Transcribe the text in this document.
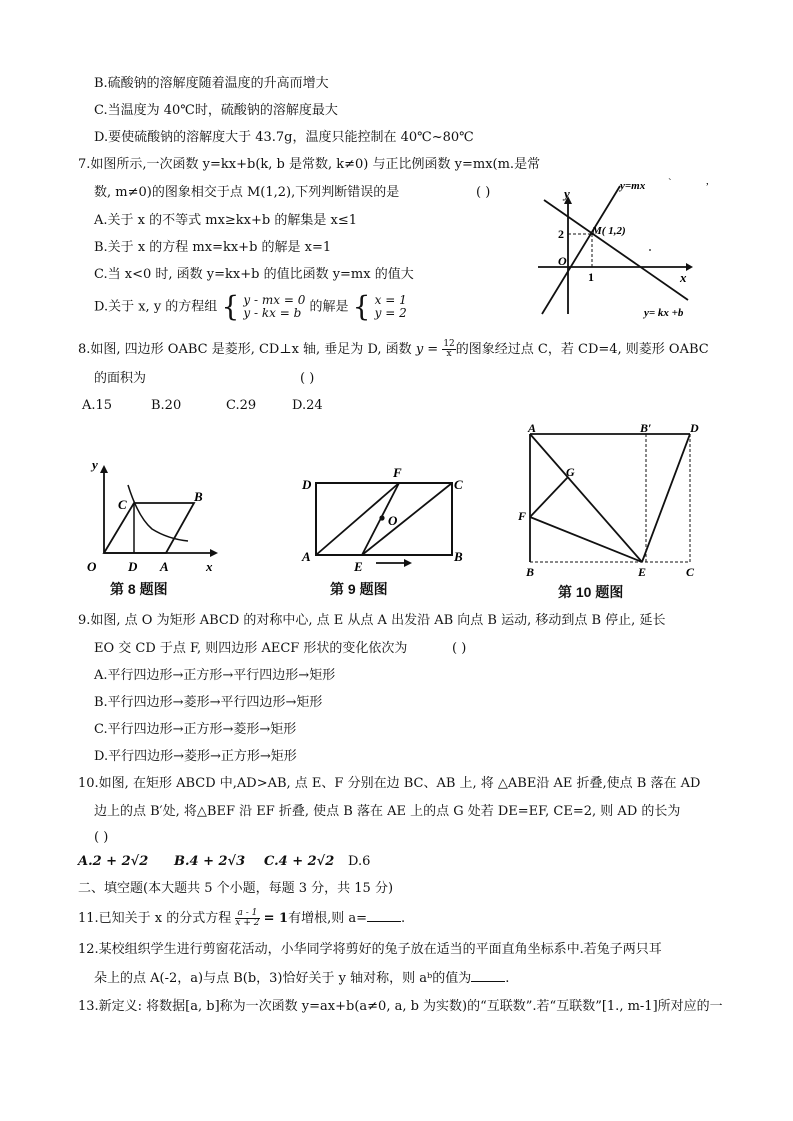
B.硫酸钠的溶解度随着温度的升高而增大
C.当温度为 40℃时，硫酸钠的溶解度最大
D.要使硫酸钠的溶解度大于 43.7g，温度只能控制在 40℃~80℃
7.如图所示,一次函数 y=kx+b(k, b 是常数, k≠0) 与正比例函数 y=mx(m.是常
数, m≠0)的图象相交于点 M(1,2),下列判断错误的是	( )
A.关于 x 的不等式 mx≥kx+b 的解集是 x≤1
B.关于 x 的方程 mx=kx+b 的解是 x=1
C.当 x<0 时, 函数 y=kx+b 的值比函数 y=mx 的值大
D.关于 x, y 的方程组 { y - mx = 0
y - kx = b 的解是 { x = 1
y = 2
y
x
O
y=mx
y= kx +b
M( 1,2)
2
1
`	,
8.如图, 四边形 OABC 是菱形, CD⊥x 轴, 垂足为 D, 函数 $y = \frac{12}{x}$ 的图象经过点 C，若 CD=4, 则菱形 OABC
的面积为	( )
A.15	B.20	C.29	D.24
y
x
O
C
B
D A
第 8 题图
D
F
C
O
A
E
B
第 9 题图
A	B′	D
G
F
B	E	C
第 10 题图
9.如图, 点 O 为矩形 ABCD 的对称中心, 点 E 从点 A 出发沿 AB 向点 B 运动, 移动到点 B 停止, 延长
EO 交 CD 于点 F, 则四边形 AECF 形状的变化依次为	( )
A.平行四边形→正方形→平行四边形→矩形
B.平行四边形→菱形→平行四边形→矩形
C.平行四边形→正方形→菱形→矩形
D.平行四边形→菱形→正方形→矩形
10.如图, 在矩形 ABCD 中,AD>AB, 点 E、F 分别在边 BC、AB 上, 将 △ABE沿 AE 折叠,使点 B 落在 AD
边上的点 B′处, 将△BEF 沿 EF 折叠, 使点 B 落在 AE 上的点 G 处若 DE=EF, CE=2, 则 AD 的长为
( )
A.2 + 2√2 B.4 + 2√3 C.4 + 2√2 D.6
二、填空题(本大题共 5 个小题，每题 3 分，共 15 分)
11.已知关于 x 的分式方程 $\frac{a - 1}{x + 2} = 1$有增根,则 a=	.
12.某校组织学生进行剪窗花活动，小华同学将剪好的兔子放在适当的平面直角坐标系中.若兔子两只耳
朵上的点 A(-2，a)与点 B(b，3)恰好关于 y 轴对称，则 aᵇ的值为	.
13.新定义: 将数据[a, b]称为一次函数 y=ax+b(a≠0, a, b 为实数)的“互联数”.若“互联数”[1., m-1]所对应的一
